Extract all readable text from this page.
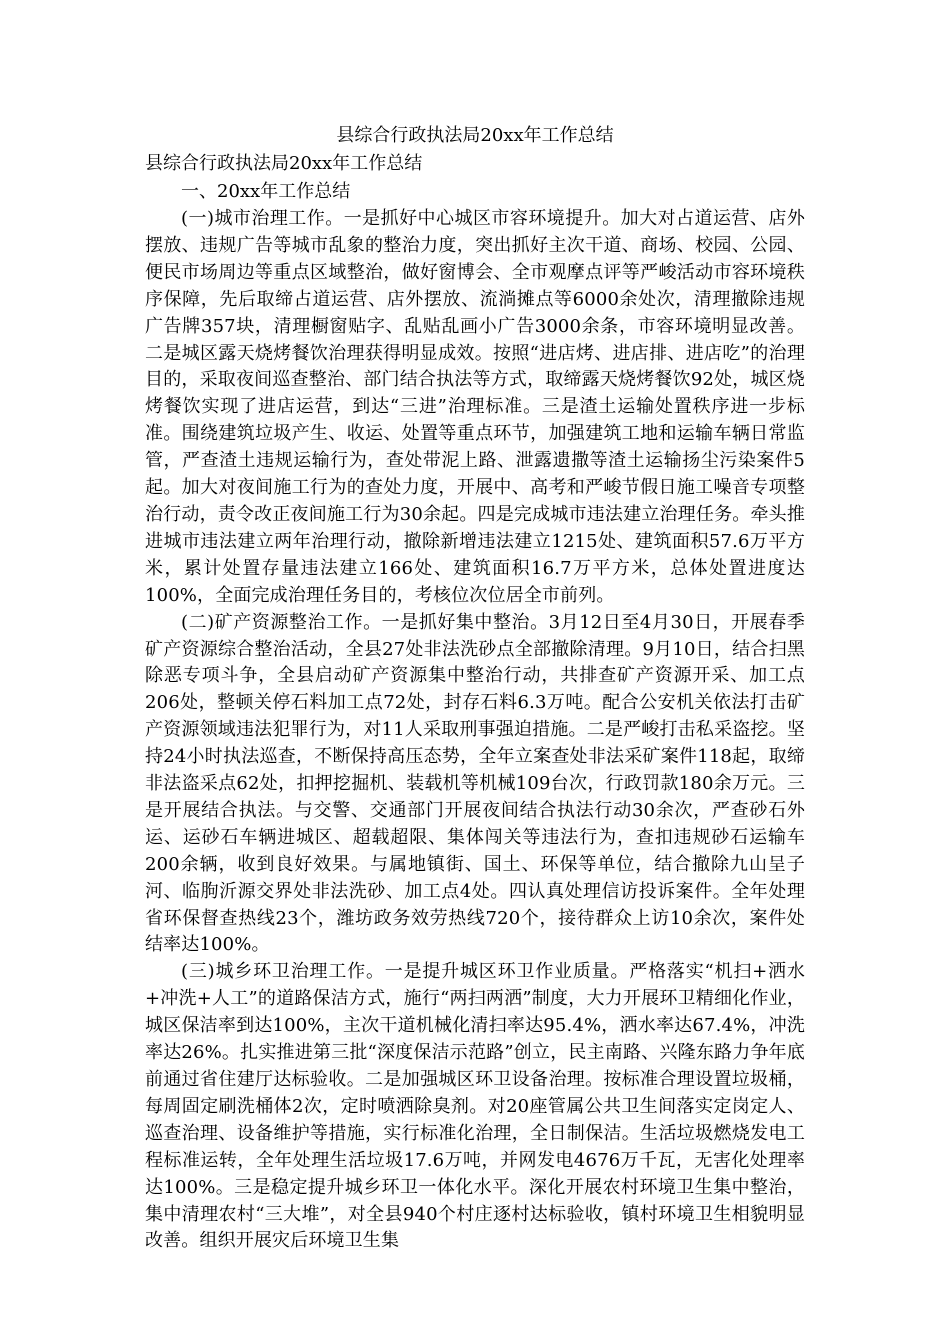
县综合行政执法局20xx年工作总结

县综合行政执法局20xx年工作总结

一、20xx年工作总结

(一)城市治理工作。一是抓好中心城区市容环境提升。加大对占道运营、店外摆放、违规广告等城市乱象的整治力度，突出抓好主次干道、商场、校园、公园、便民市场周边等重点区域整治，做好窗博会、全市观摩点评等严峻活动市容环境秩序保障，先后取缔占道运营、店外摆放、流淌摊点等6000余处次，清理撤除违规广告牌357块，清理橱窗贴字、乱贴乱画小广告3000余条，市容环境明显改善。二是城区露天烧烤餐饮治理获得明显成效。按照“进店烤、进店排、进店吃”的治理目的，采取夜间巡查整治、部门结合执法等方式，取缔露天烧烤餐饮92处，城区烧烤餐饮实现了进店运营，到达“三进”治理标准。三是渣土运输处置秩序进一步标准。围绕建筑垃圾产生、收运、处置等重点环节，加强建筑工地和运输车辆日常监管，严查渣土违规运输行为，查处带泥上路、泄露遗撒等渣土运输扬尘污染案件5起。加大对夜间施工行为的查处力度，开展中、高考和严峻节假日施工噪音专项整治行动，责令改正夜间施工行为30余起。四是完成城市违法建立治理任务。牵头推进城市违法建立两年治理行动，撤除新增违法建立1215处、建筑面积57.6万平方米，累计处置存量违法建立166处、建筑面积16.7万平方米，总体处置进度达100%，全面完成治理任务目的，考核位次位居全市前列。

(二)矿产资源整治工作。一是抓好集中整治。3月12日至4月30日，开展春季矿产资源综合整治活动，全县27处非法洗砂点全部撤除清理。9月10日，结合扫黑除恶专项斗争，全县启动矿产资源集中整治行动，共排查矿产资源开采、加工点206处，整顿关停石料加工点72处，封存石料6.3万吨。配合公安机关依法打击矿产资源领域违法犯罪行为，对11人采取刑事强迫措施。二是严峻打击私采盗挖。坚持24小时执法巡查，不断保持高压态势，全年立案查处非法采矿案件118起，取缔非法盗采点62处，扣押挖掘机、装载机等机械109台次，行政罚款180余万元。三是开展结合执法。与交警、交通部门开展夜间结合执法行动30余次，严查砂石外运、运砂石车辆进城区、超载超限、集体闯关等违法行为，查扣违规砂石运输车200余辆，收到良好效果。与属地镇街、国土、环保等单位，结合撤除九山呈子河、临朐沂源交界处非法洗砂、加工点4处。四认真处理信访投诉案件。全年处理省环保督查热线23个，潍坊政务效劳热线720个，接待群众上访10余次，案件处结率达100%。

(三)城乡环卫治理工作。一是提升城区环卫作业质量。严格落实“机扫+洒水+冲洗+人工”的道路保洁方式，施行“两扫两洒”制度，大力开展环卫精细化作业，城区保洁率到达100%，主次干道机械化清扫率达95.4%，洒水率达67.4%，冲洗率达26%。扎实推进第三批“深度保洁示范路”创立，民主南路、兴隆东路力争年底前通过省住建厅达标验收。二是加强城区环卫设备治理。按标准合理设置垃圾桶，每周固定刷洗桶体2次，定时喷洒除臭剂。对20座管属公共卫生间落实定岗定人、巡查治理、设备维护等措施，实行标准化治理，全日制保洁。生活垃圾燃烧发电工程标准运转，全年处理生活垃圾17.6万吨，并网发电4676万千瓦，无害化处理率达100%。三是稳定提升城乡环卫一体化水平。深化开展农村环境卫生集中整治，集中清理农村“三大堆”，对全县940个村庄逐村达标验收，镇村环境卫生相貌明显改善。组织开展灾后环境卫生集
